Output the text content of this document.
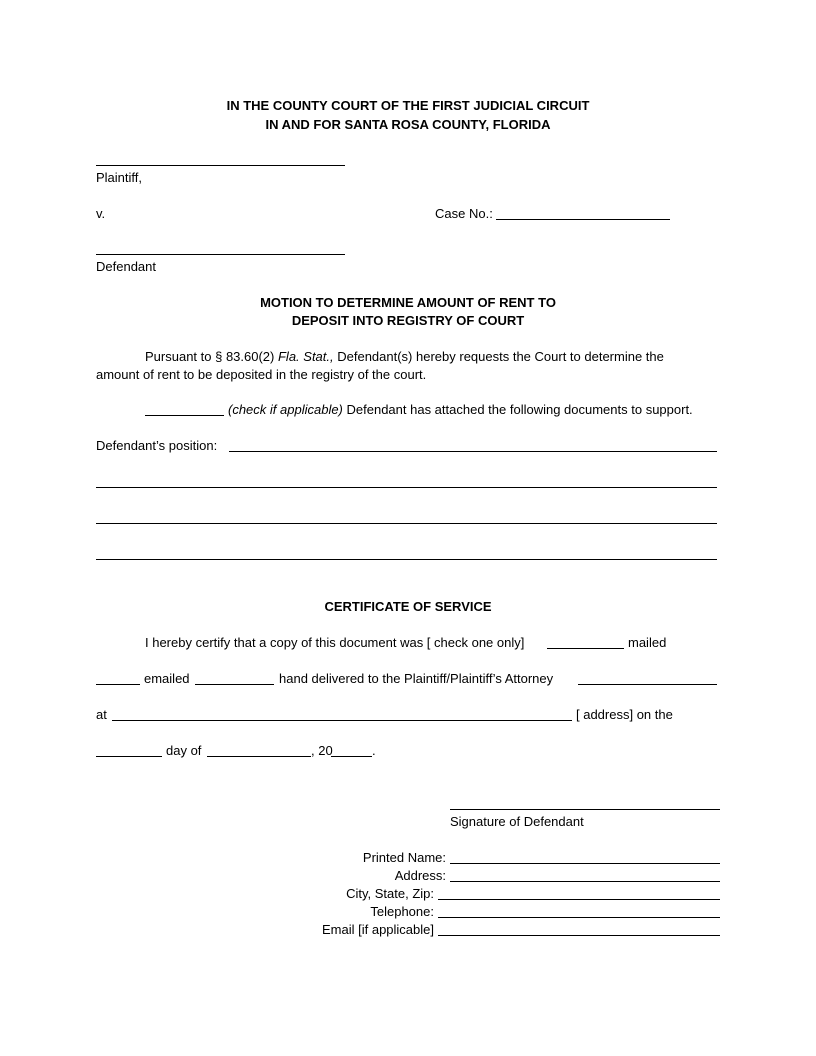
IN THE COUNTY COURT OF THE FIRST JUDICIAL CIRCUIT
IN AND FOR SANTA ROSA COUNTY, FLORIDA
Plaintiff,
v.	Case No.:
Defendant
MOTION TO DETERMINE AMOUNT OF RENT TO
DEPOSIT INTO REGISTRY OF COURT
Pursuant to § 83.60(2) Fla. Stat., Defendant(s) hereby requests the Court to determine the
amount of rent to be deposited in the registry of the court.
(check if applicable) Defendant has attached the following documents to support.
Defendant’s position:
CERTIFICATE OF SERVICE
I hereby certify that a copy of this document was [ check one only]	mailed
emailed	hand delivered to the Plaintiff/Plaintiff’s Attorney
at	[ address] on the
day of	, 20	.
Signature of Defendant
Printed Name:
Address:
City, State, Zip:
Telephone:
Email [if applicable]
